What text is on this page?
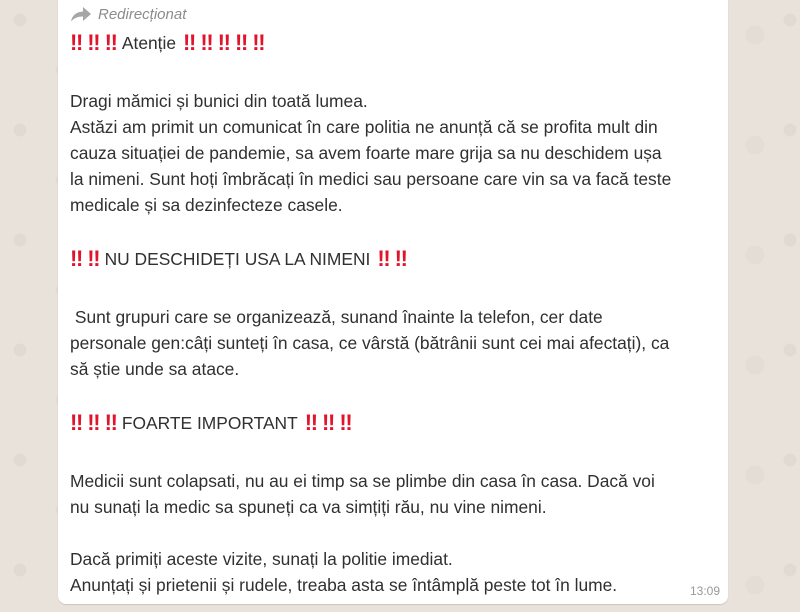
Redirecționat
‼ ‼ ‼ Atenție ‼ ‼ ‼ ‼ ‼

Dragi mămici și bunici din toată lumea.

Astăzi am primit un comunicat în care politia ne anunță că se profita mult din

cauza situației de pandemie, sa avem foarte mare grija sa nu deschidem ușa

la nimeni. Sunt hoți îmbrăcați în medici sau persoane care vin sa va facă teste

medicale și sa dezinfecteze casele.

‼ ‼ NU DESCHIDEȚI USA LA NIMENI ‼ ‼

Sunt grupuri care se organizează, sunand înainte la telefon, cer date

personale gen:câți sunteți în casa, ce vârstă (bătrânii sunt cei mai afectați), ca

să știe unde sa atace.

‼ ‼ ‼ FOARTE IMPORTANT ‼ ‼ ‼

Medicii sunt colapsati, nu au ei timp sa se plimbe din casa în casa. Dacă voi

nu sunați la medic sa spuneți ca va simțiți rău, nu vine nimeni.

Dacă primiți aceste vizite, sunați la politie imediat.

Anunțați și prietenii și rudele, treaba asta se întâmplă peste tot în lume.	13:09
